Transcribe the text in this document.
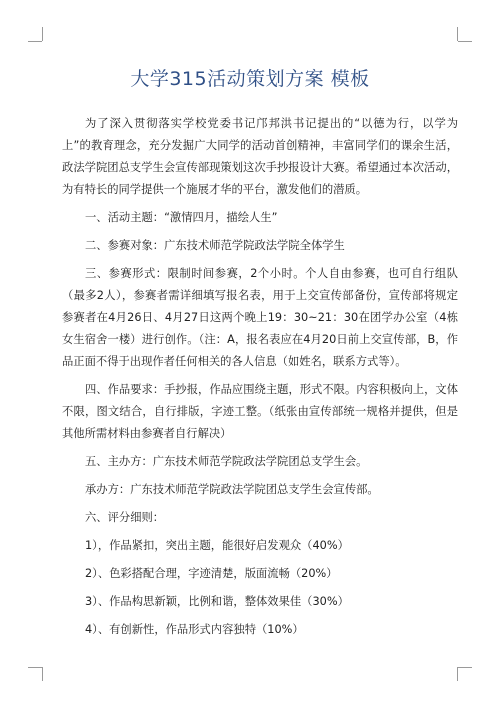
大学315活动策划方案 模板

为了深入贯彻落实学校党委书记邝邦洪书记提出的“以德为行，以学为上”的教育理念，充分发掘广大同学的活动首创精神，丰富同学们的课余生活，政法学院团总支学生会宣传部现策划这次手抄报设计大赛。希望通过本次活动，为有特长的同学提供一个施展才华的平台，激发他们的潜质。

一、活动主题：“激情四月，描绘人生”

二、参赛对象：广东技术师范学院政法学院全体学生

三、参赛形式：限制时间参赛，2个小时。个人自由参赛，也可自行组队（最多2人），参赛者需详细填写报名表，用于上交宣传部备份，宣传部将规定参赛者在4月26日、4月27日这两个晚上19：30~21：30在团学办公室（4栋女生宿舍一楼）进行创作。（注：A，报名表应在4月20日前上交宣传部，B，作品正面不得于出现作者任何相关的各人信息（如姓名，联系方式等）。

四、作品要求：手抄报，作品应围绕主题，形式不限。内容积极向上，文体不限，图文结合，自行排版，字迹工整。（纸张由宣传部统一规格并提供，但是其他所需材料由参赛者自行解决）

五、主办方：广东技术师范学院政法学院团总支学生会。

承办方：广东技术师范学院政法学院团总支学生会宣传部。

六、评分细则：

1），作品紧扣，突出主题，能很好启发观众（40%）

2）、色彩搭配合理，字迹清楚，版面流畅（20%）

3）、作品构思新颖，比例和谐，整体效果佳（30%）

4）、有创新性，作品形式内容独特（10%）
